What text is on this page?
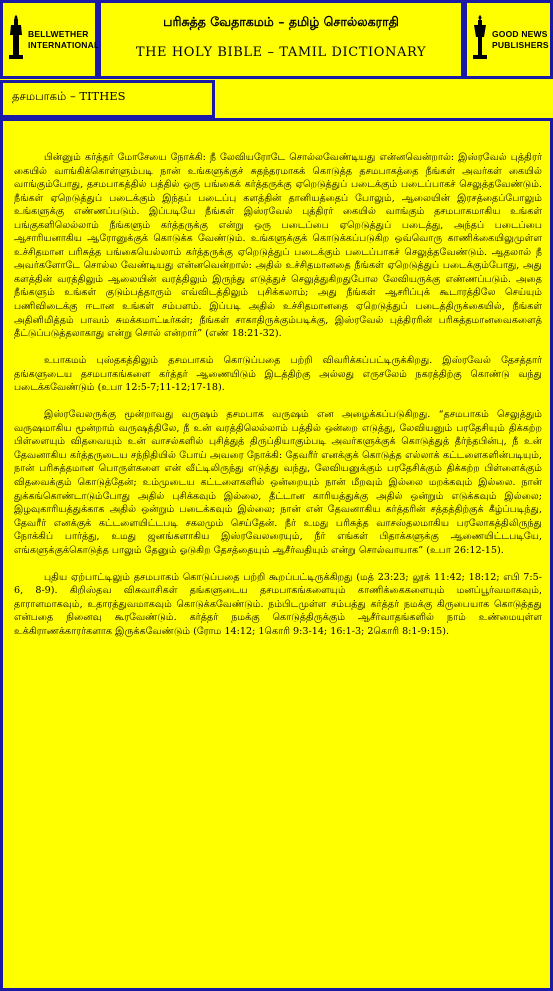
BELLWETHER
INTERNATIONAL
பரிசுத்த வேதாகமம் – தமிழ் சொல்லகராதி
THE HOLY BIBLE – TAMIL DICTIONARY
GOOD NEWS
PUBLISHERS
தசமபாகம் – TITHES

பின்னும் கர்த்தர் மோசேயை நோக்கி: நீ லேவியரோடே சொல்லவேண்டியது என்னவென்றால்: இஸ்ரவேல் புத்திரர் கையில் வாங்கிக்கொள்ளும்படி நான் உங்களுக்குச் சுதந்தரமாகக் கொடுத்த தசமபாகத்தை நீங்கள் அவர்கள் கையில் வாங்கும்போது, தசமபாகத்தில் பத்தில் ஒரு பங்கைக் கர்த்தருக்கு ஏறெடுத்துப் படைக்கும் படைப்பாகச் செலுத்தவேண்டும். நீங்கள் ஏறெடுத்துப் படைக்கும் இந்தப் படைப்பு களத்தின் தானியத்தைப் போலும், ஆலையின் இரசத்தைப்போலும் உங்களுக்கு எண்ணப்படும். இப்படியே நீங்கள் இஸ்ரவேல் புத்திரர் கையில் வாங்கும் தசமபாகமாகிய உங்கள் பங்குகளிலெல்லாம் நீங்களும் கர்த்தருக்கு என்று ஒரு படைப்பை ஏறெடுத்துப் படைத்து, அந்தப் படைப்பை ஆசாரியனாகிய ஆரோனுக்குக் கொடுக்க வேண்டும். உங்களுக்குக் கொடுக்கப்படுகிற ஒவ்வொரு காணிக்கையிலுமுள்ள உச்சிதமான பரிசுத்த பங்கையெல்லாம் கர்த்தருக்கு ஏறெடுத்துப் படைக்கும் படைப்பாகச் செலுத்தவேண்டும். ஆதலால் நீ அவர்களோடே சொல்ல வேண்டியது என்னவென்றால்: அதில் உச்சிதமானதை நீங்கள் ஏறெடுத்துப் படைக்கும்போது, அது களத்தின் வரத்திலும் ஆலையின் வரத்திலும் இருந்து எடுத்துச் செலுத்துகிறதுபோல லேவியருக்கு எண்ணப்படும். அதை நீங்களும் உங்கள் குடும்பத்தாரும் எவ்விடத்திலும் புசிக்கலாம்; அது நீங்கள் ஆசரிப்புக் கூடாரத்திலே செய்யும் பணிவிடைக்கு ஈடான உங்கள் சம்பளம். இப்படி அதில் உச்சிதமானதை ஏறெடுத்துப் படைத்திருக்கையில், நீங்கள் அதினிமித்தம் பாவம் சுமக்கமாட்டீர்கள்; நீங்கள் சாகாதிருக்கும்படிக்கு, இஸ்ரவேல் புத்திரரின் பரிசுத்தமானவைகளைத் தீட்டுப்படுத்தலாகாது என்று சொல் என்றார்” (எண் 18:21-32).

உபாகமம் புஸ்தகத்திலும் தசமபாகம் கொடுப்பதை பற்றி விவரிக்கப்பட்டிருக்கிறது. இஸ்ரவேல் தேசத்தார் தங்களுடைய தசமபாகங்களை கர்த்தர் ஆணையிடும் இடத்திற்கு அல்லது எருசலேம் நகரத்திற்கு கொண்டு வந்து படைக்கவேண்டும் (உபா 12:5-7;11-12;17-18).

இஸ்ரவேலருக்கு மூன்றாவது வருஷம் தசமபாக வருஷம் என அழைக்கப்படுகிறது. “தசமபாகம் செலுத்தும் வருஷமாகிய மூன்றாம் வருஷத்திலே, நீ உன் வரத்திலெல்லாம் பத்தில் ஒன்றை எடுத்து, லேவியனும் பரதேசியும் திக்கற்ற பிள்ளையும் விதவையும் உன் வாசல்களில் புசித்துத் திருப்தியாகும்படி அவர்களுக்குக் கொடுத்துத் தீர்ந்தபின்பு, நீ உன் தேவனாகிய கர்த்தருடைய சந்நிதியில் போய் அவரை நோக்கி: தேவரீர் எனக்குக் கொடுத்த எல்லாக் கட்டளைகளின்படியும், நான் பரிசுத்தமான பொருள்களை என் வீட்டிலிருந்து எடுத்து வந்து, லேவியனுக்கும் பரதேசிக்கும் திக்கற்ற பிள்ளைக்கும் விதவைக்கும் கொடுத்தேன்; உம்முடைய கட்டளைகளில் ஒன்றையும் நான் மீறவும் இல்லை மறக்கவும் இல்லை. நான் துக்கங்கொண்டாடும்போது அதில் புசிக்கவும் இல்லை, தீட்டான காரியத்துக்கு அதில் ஒன்றும் எடுக்கவும் இல்லை; இழவுகாரியத்துக்காக அதில் ஒன்றும் படைக்கவும் இல்லை; நான் என் தேவனாகிய கர்த்தரின் சத்தத்திற்குக் கீழ்ப்படிந்து, தேவரீர் எனக்குக் கட்டளையிட்டபடி சகலமும் செய்தேன். நீர் உமது பரிசுத்த வாசஸ்தலமாகிய பரலோகத்திலிருந்து நோக்கிப் பார்த்து, உமது ஜனங்களாகிய இஸ்ரவேலரையும், நீர் எங்கள் பிதாக்களுக்கு ஆணையிட்டபடியே, எங்களுக்குக்கொடுத்த பாலும் தேனும் ஓடுகிற தேசத்தையும் ஆசீர்வதியும் என்று சொல்வாயாக” (உபா 26:12-15).

புதிய ஏற்பாட்டிலும் தசமபாகம் கொடுப்பதை பற்றி கூறப்பட்டிருக்கிறது (மத் 23:23; லூக் 11:42; 18:12; எபி 7:5-6, 8-9). கிறிஸ்தவ விசுவாசிகள் தங்களுடைய தசமபாகங்களையும் காணிக்கைகளையும் மனப்பூர்வமாகவும், தாராளமாகவும், உதாரத்துவமாகவும் கொடுக்கவேண்டும். நம்பிடமுள்ள சம்பத்து கர்த்தர் நமக்கு கிருபையாக கொடுத்தது என்பதை நினைவு கூரவேண்டும். கர்த்தர் நமக்கு கொடுத்திருக்கும் ஆசீர்வாதங்களில் நாம் உண்மையுள்ள உக்கிராணக்காரர்களாக இருக்கவேண்டும் (ரோம 14:12; 1கொரி 9:3-14; 16:1-3; 2கொரி 8:1-9:15).
